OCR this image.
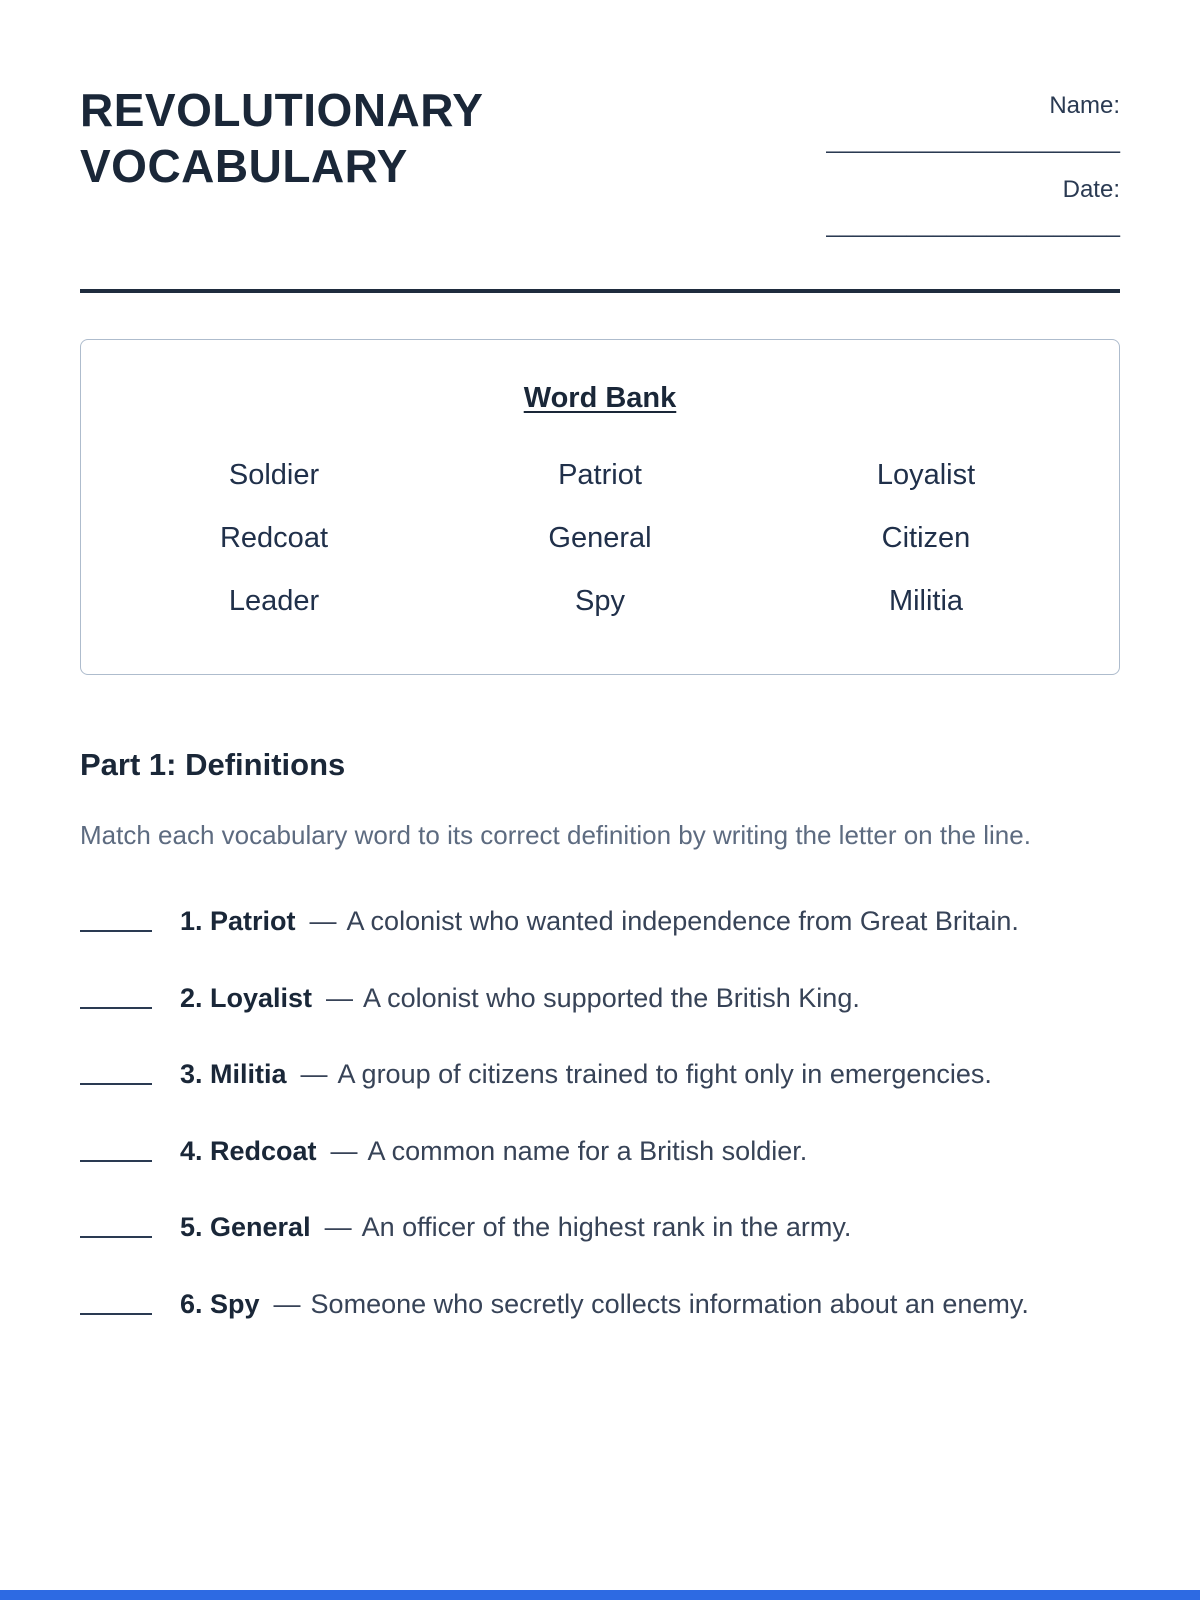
REVOLUTIONARY VOCABULARY
Name:
______________________
Date:
______________________
Word Bank
Soldier	Patriot	Loyalist
Redcoat	General	Citizen
Leader	Spy	Militia
Part 1: Definitions

Match each vocabulary word to its correct definition by writing the letter on the line.

1. Patriot — A colonist who wanted independence from Great Britain.

2. Loyalist — A colonist who supported the British King.

3. Militia — A group of citizens trained to fight only in emergencies.

4. Redcoat — A common name for a British soldier.

5. General — An officer of the highest rank in the army.

6. Spy — Someone who secretly collects information about an enemy.
